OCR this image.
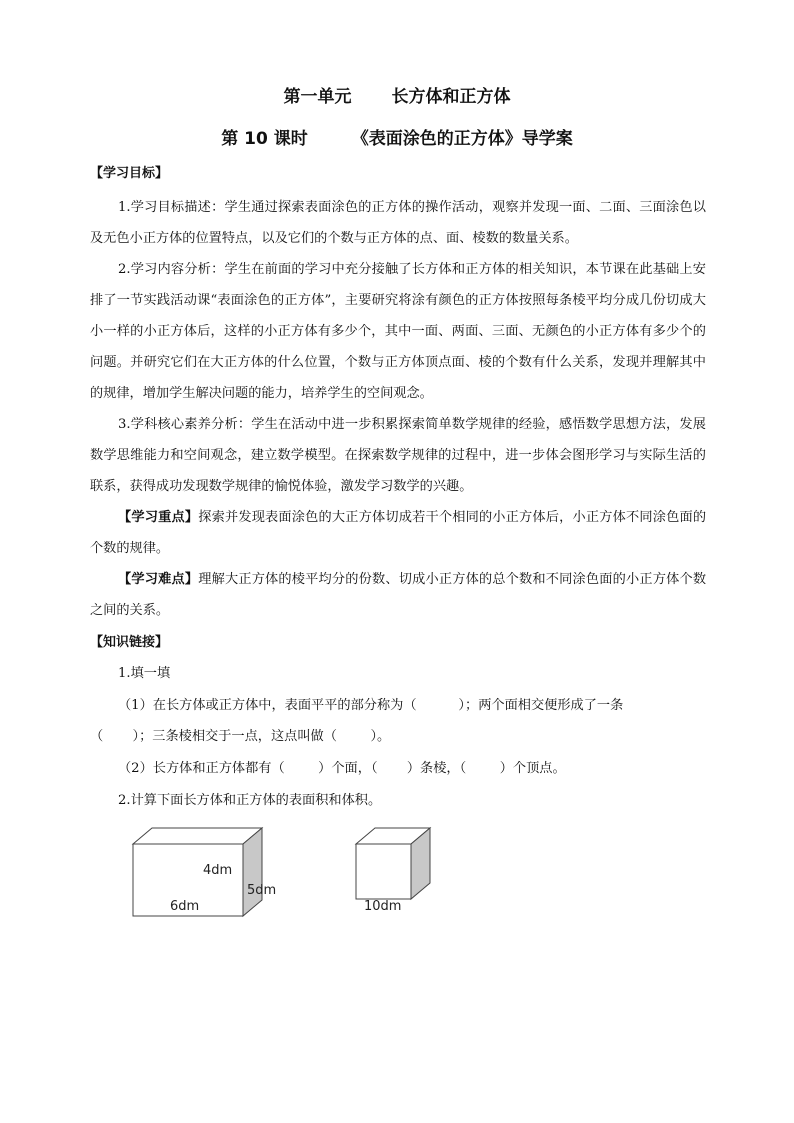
第一单元 长方体和正方体
第 10 课时	《表面涂色的正方体》导学案
【学习目标】
1.学习目标描述：学生通过探索表面涂色的正方体的操作活动，观察并发现一面、二面、三面涂色以及无色小正方体的位置特点，以及它们的个数与正方体的点、面、棱数的数量关系。
2.学习内容分析：学生在前面的学习中充分接触了长方体和正方体的相关知识，本节课在此基础上安排了一节实践活动课“表面涂色的正方体”，主要研究将涂有颜色的正方体按照每条棱平均分成几份切成大小一样的小正方体后，这样的小正方体有多少个，其中一面、两面、三面、无颜色的小正方体有多少个的问题。并研究它们在大正方体的什么位置，个数与正方体顶点面、棱的个数有什么关系，发现并理解其中的规律，增加学生解决问题的能力，培养学生的空间观念。
3.学科核心素养分析：学生在活动中进一步积累探索简单数学规律的经验，感悟数学思想方法，发展数学思维能力和空间观念，建立数学模型。在探索数学规律的过程中，进一步体会图形学习与实际生活的联系，获得成功发现数学规律的愉悦体验，激发学习数学的兴趣。
【学习重点】探索并发现表面涂色的大正方体切成若干个相同的小正方体后，小正方体不同涂色面的个数的规律。
【学习难点】理解大正方体的棱平均分的份数、切成小正方体的总个数和不同涂色面的小正方体个数之间的关系。
【知识链接】
1.填一填
（1）在长方体或正方体中，表面平平的部分称为（          ）；两个面相交便形成了一条
（       ）；三条棱相交于一点，这点叫做（        ）。
（2）长方体和正方体都有（        ）个面，（       ）条棱，（        ）个顶点。
2.计算下面长方体和正方体的表面积和体积。
4dm
5dm
6dm	10dm
